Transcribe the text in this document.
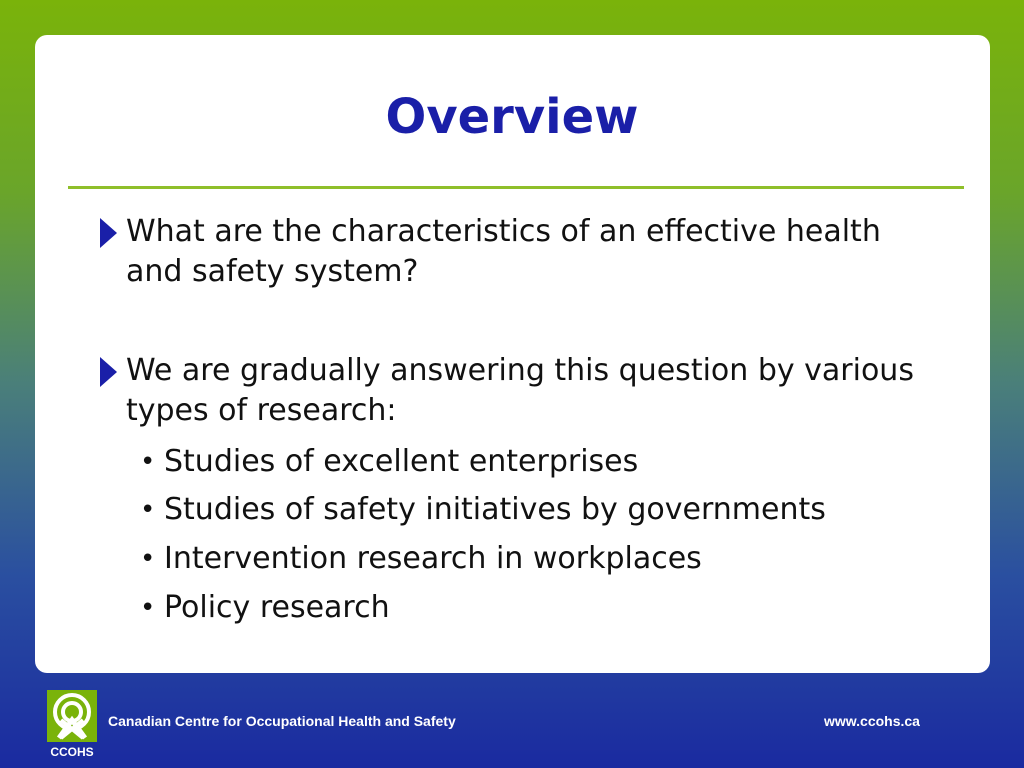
Overview
What are the characteristics of an effective health and safety system?
We are gradually answering this question by various types of research:
• Studies of excellent enterprises
• Studies of safety initiatives by governments
• Intervention research in workplaces
• Policy research
CCOHS
Canadian Centre for Occupational Health and Safety	www.ccohs.ca
